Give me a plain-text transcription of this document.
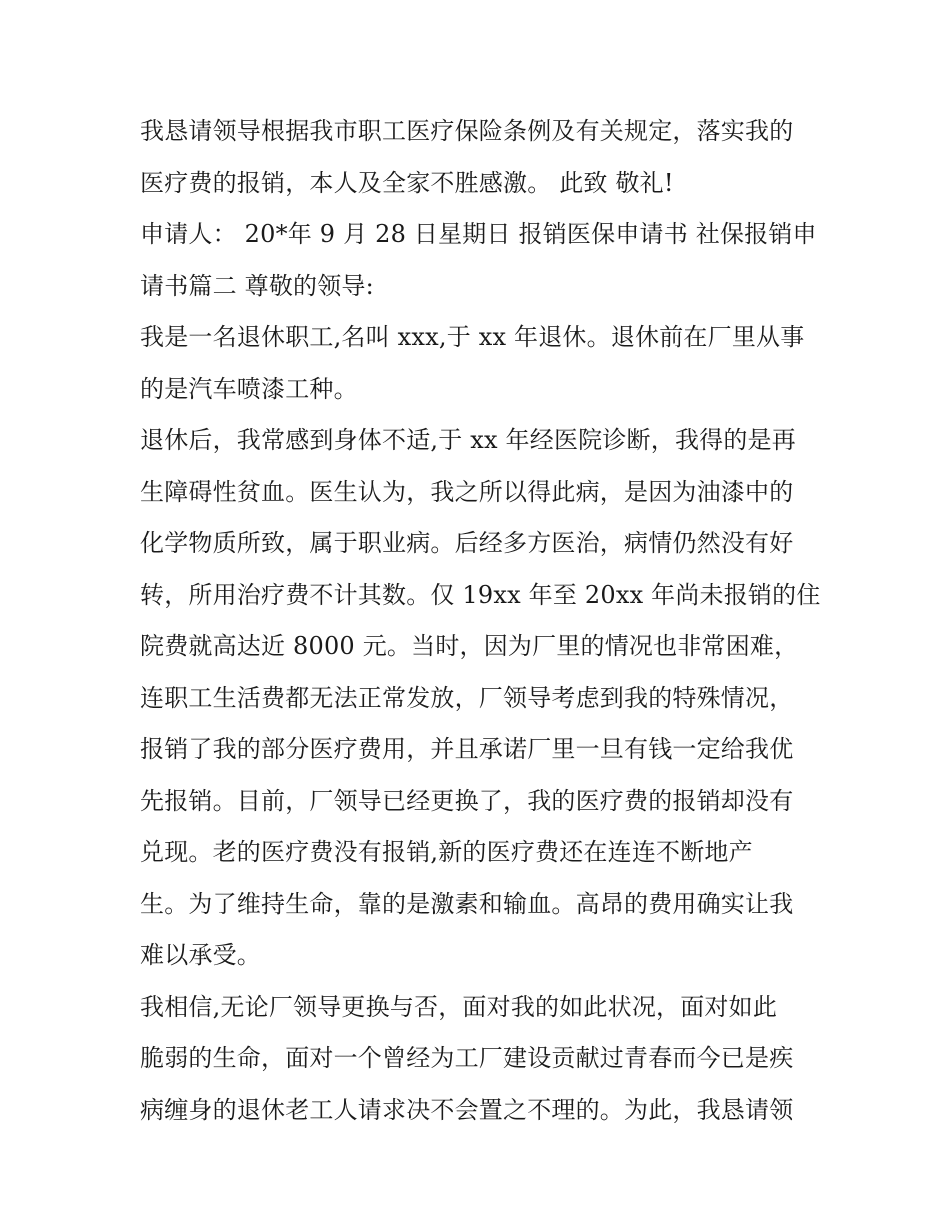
我恳请领导根据我市职工医疗保险条例及有关规定，落实我的
医疗费的报销，本人及全家不胜感激。 此致 敬礼!
申请人： 20*年 9 月 28 日星期日 报销医保申请书 社保报销申
请书篇二 尊敬的领导:
我是一名退休职工,名叫 xxx,于 xx 年退休。退休前在厂里从事
的是汽车喷漆工种。
退休后，我常感到身体不适,于 xx 年经医院诊断，我得的是再
生障碍性贫血。医生认为，我之所以得此病，是因为油漆中的
化学物质所致，属于职业病。后经多方医治，病情仍然没有好
转，所用治疗费不计其数。仅 19xx 年至 20xx 年尚未报销的住
院费就高达近 8000 元。当时，因为厂里的情况也非常困难，
连职工生活费都无法正常发放，厂领导考虑到我的特殊情况，
报销了我的部分医疗费用，并且承诺厂里一旦有钱一定给我优
先报销。目前，厂领导已经更换了，我的医疗费的报销却没有
兑现。老的医疗费没有报销,新的医疗费还在连连不断地产
生。为了维持生命，靠的是激素和输血。高昂的费用确实让我
难以承受。
我相信,无论厂领导更换与否，面对我的如此状况，面对如此
脆弱的生命，面对一个曾经为工厂建设贡献过青春而今已是疾
病缠身的退休老工人请求决不会置之不理的。为此，我恳请领
